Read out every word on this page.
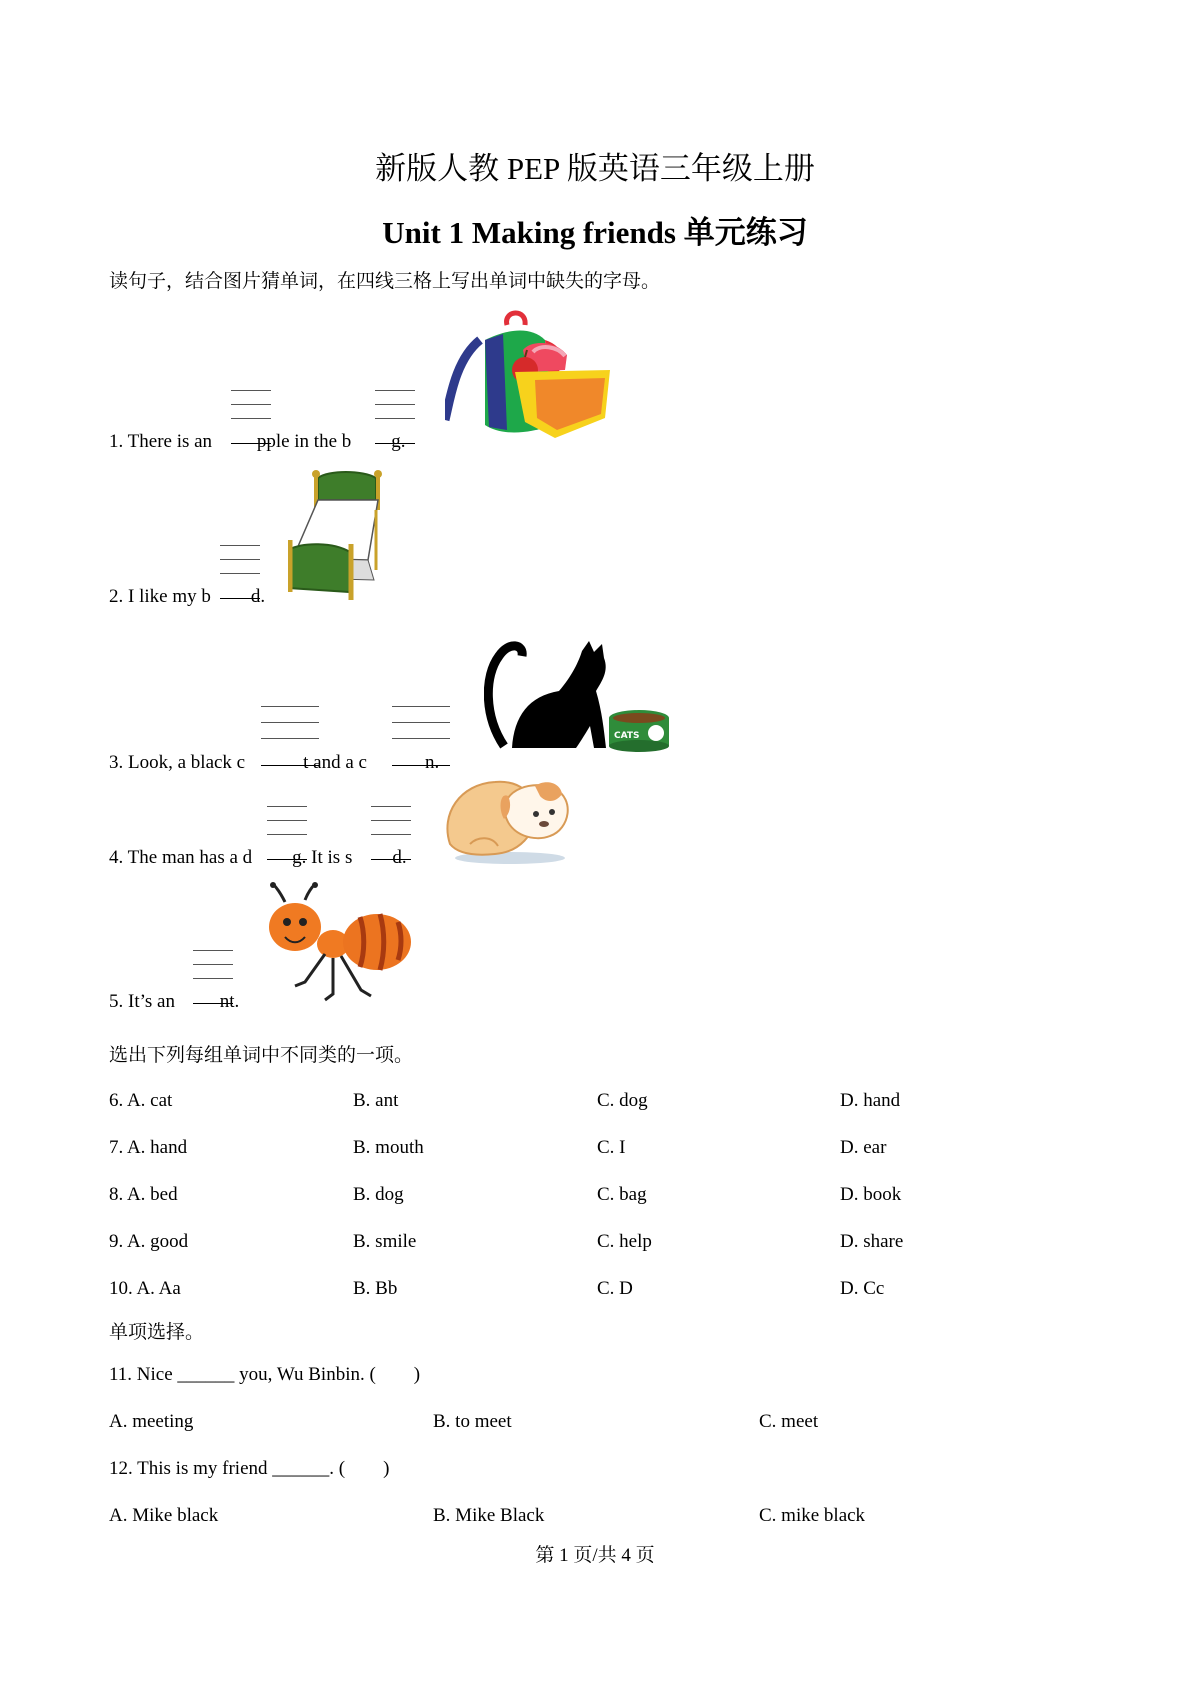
新版人教 PEP 版英语三年级上册
Unit 1 Making friends 单元练习
读句子，结合图片猜单词，在四线三格上写出单词中缺失的字母。
1. There is an pple in the b g.
2. I like my b d.
3. Look, a black c	t and a c	n.
CATS
4. The man has a d g. It is s d.
5. It’s an nt.
选出下列每组单词中不同类的一项。
6. A. cat	B. ant	C. dog	D. hand
7. A. hand	B. mouth	C. I	D. ear
8. A. bed	B. dog	C. bag	D. book
9. A. good	B. smile	C. help	D. share
10. A. Aa	B. Bb	C. D	D. Cc
单项选择。
11. Nice ______ you, Wu Binbin. (        )
A. meeting	B. to meet	C. meet
12. This is my friend ______. (        )
A. Mike black	B. Mike Black	C. mike black
第 1 页/共 4 页
